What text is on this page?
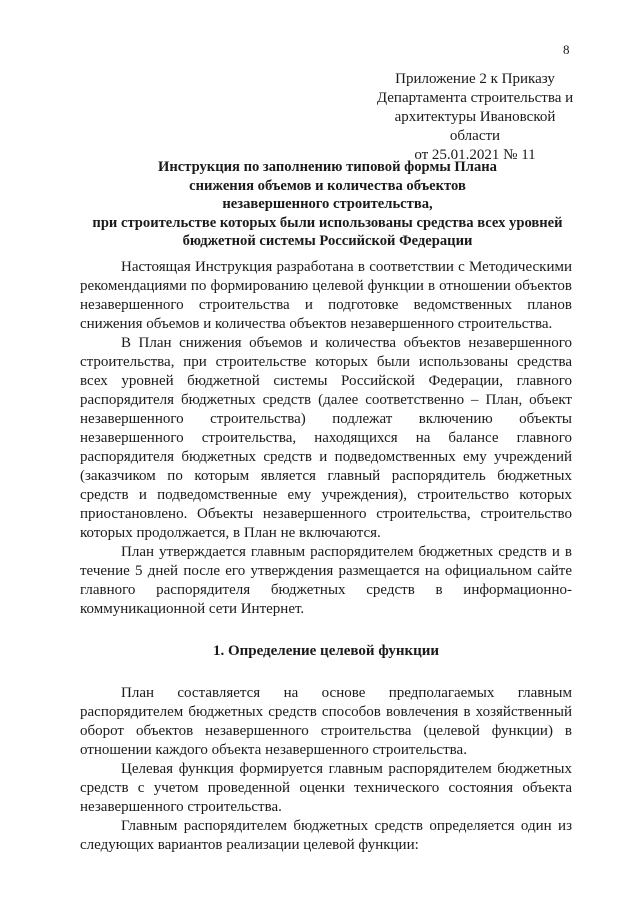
8
Приложение 2 к Приказу
Департамента строительства и
архитектуры Ивановской
области
от 25.01.2021 № 11
Инструкция по заполнению типовой формы Плана
снижения объемов и количества объектов
незавершенного строительства,
при строительстве которых были использованы средства всех уровней
бюджетной системы Российской Федерации

Настоящая Инструкция разработана в соответствии с Методическими рекомендациями по формированию целевой функции в отношении объектов незавершенного строительства и подготовке ведомственных планов снижения объемов и количества объектов незавершенного строительства.

В План снижения объемов и количества объектов незавершенного строительства, при строительстве которых были использованы средства всех уровней бюджетной системы Российской Федерации, главного распорядителя бюджетных средств (далее соответственно – План, объект незавершенного строительства) подлежат включению объекты незавершенного строительства, находящихся на балансе главного распорядителя бюджетных средств и подведомственных ему учреждений (заказчиком по которым является главный распорядитель бюджетных средств и подведомственные ему учреждения), строительство которых приостановлено. Объекты незавершенного строительства, строительство которых продолжается, в План не включаются.

План утверждается главным распорядителем бюджетных средств и в течение 5 дней после его утверждения размещается на официальном сайте главного распорядителя бюджетных средств в информационно-коммуникационной сети Интернет.

1. Определение целевой функции

План составляется на основе предполагаемых главным распорядителем бюджетных средств способов вовлечения в хозяйственный оборот объектов незавершенного строительства (целевой функции) в отношении каждого объекта незавершенного строительства.

Целевая функция формируется главным распорядителем бюджетных средств с учетом проведенной оценки технического состояния объекта незавершенного строительства.

Главным распорядителем бюджетных средств определяется один из следующих вариантов реализации целевой функции:
